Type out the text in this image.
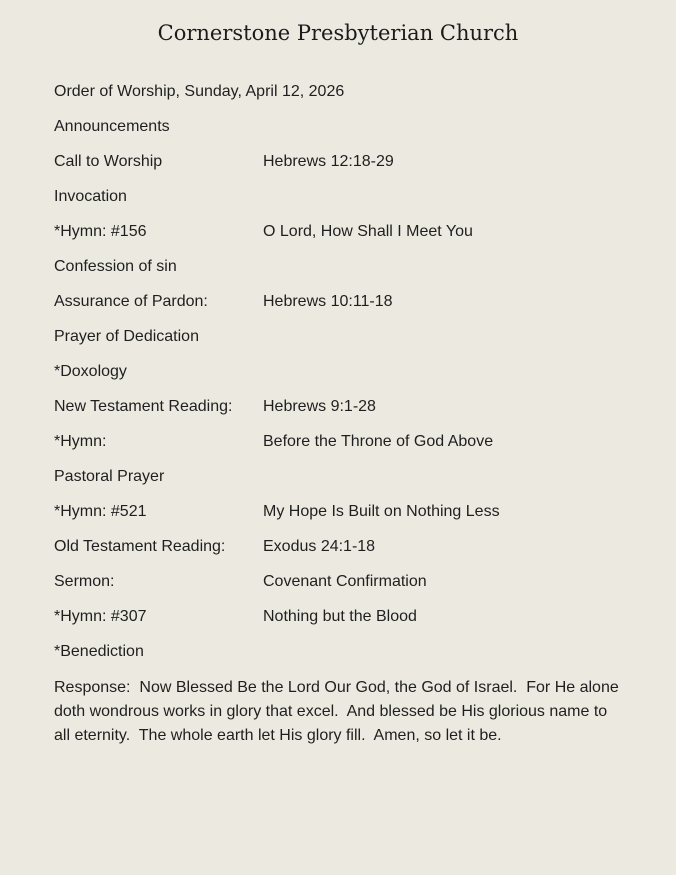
Cornerstone Presbyterian Church
Order of Worship, Sunday, April 12, 2026
Announcements
Call to Worship	Hebrews 12:18-29
Invocation
*Hymn: #156	O Lord, How Shall I Meet You
Confession of sin
Assurance of Pardon:	Hebrews 10:11-18
Prayer of Dedication
*Doxology
New Testament Reading:	Hebrews 9:1-28
*Hymn:	Before the Throne of God Above
Pastoral Prayer
*Hymn: #521	My Hope Is Built on Nothing Less
Old Testament Reading:	Exodus 24:1-18
Sermon:	Covenant Confirmation
*Hymn: #307	Nothing but the Blood
*Benediction

Response:  Now Blessed Be the Lord Our God, the God of Israel.  For He alone doth wondrous works in glory that excel.  And blessed be His glorious name to all eternity.  The whole earth let His glory fill.  Amen, so let it be.
